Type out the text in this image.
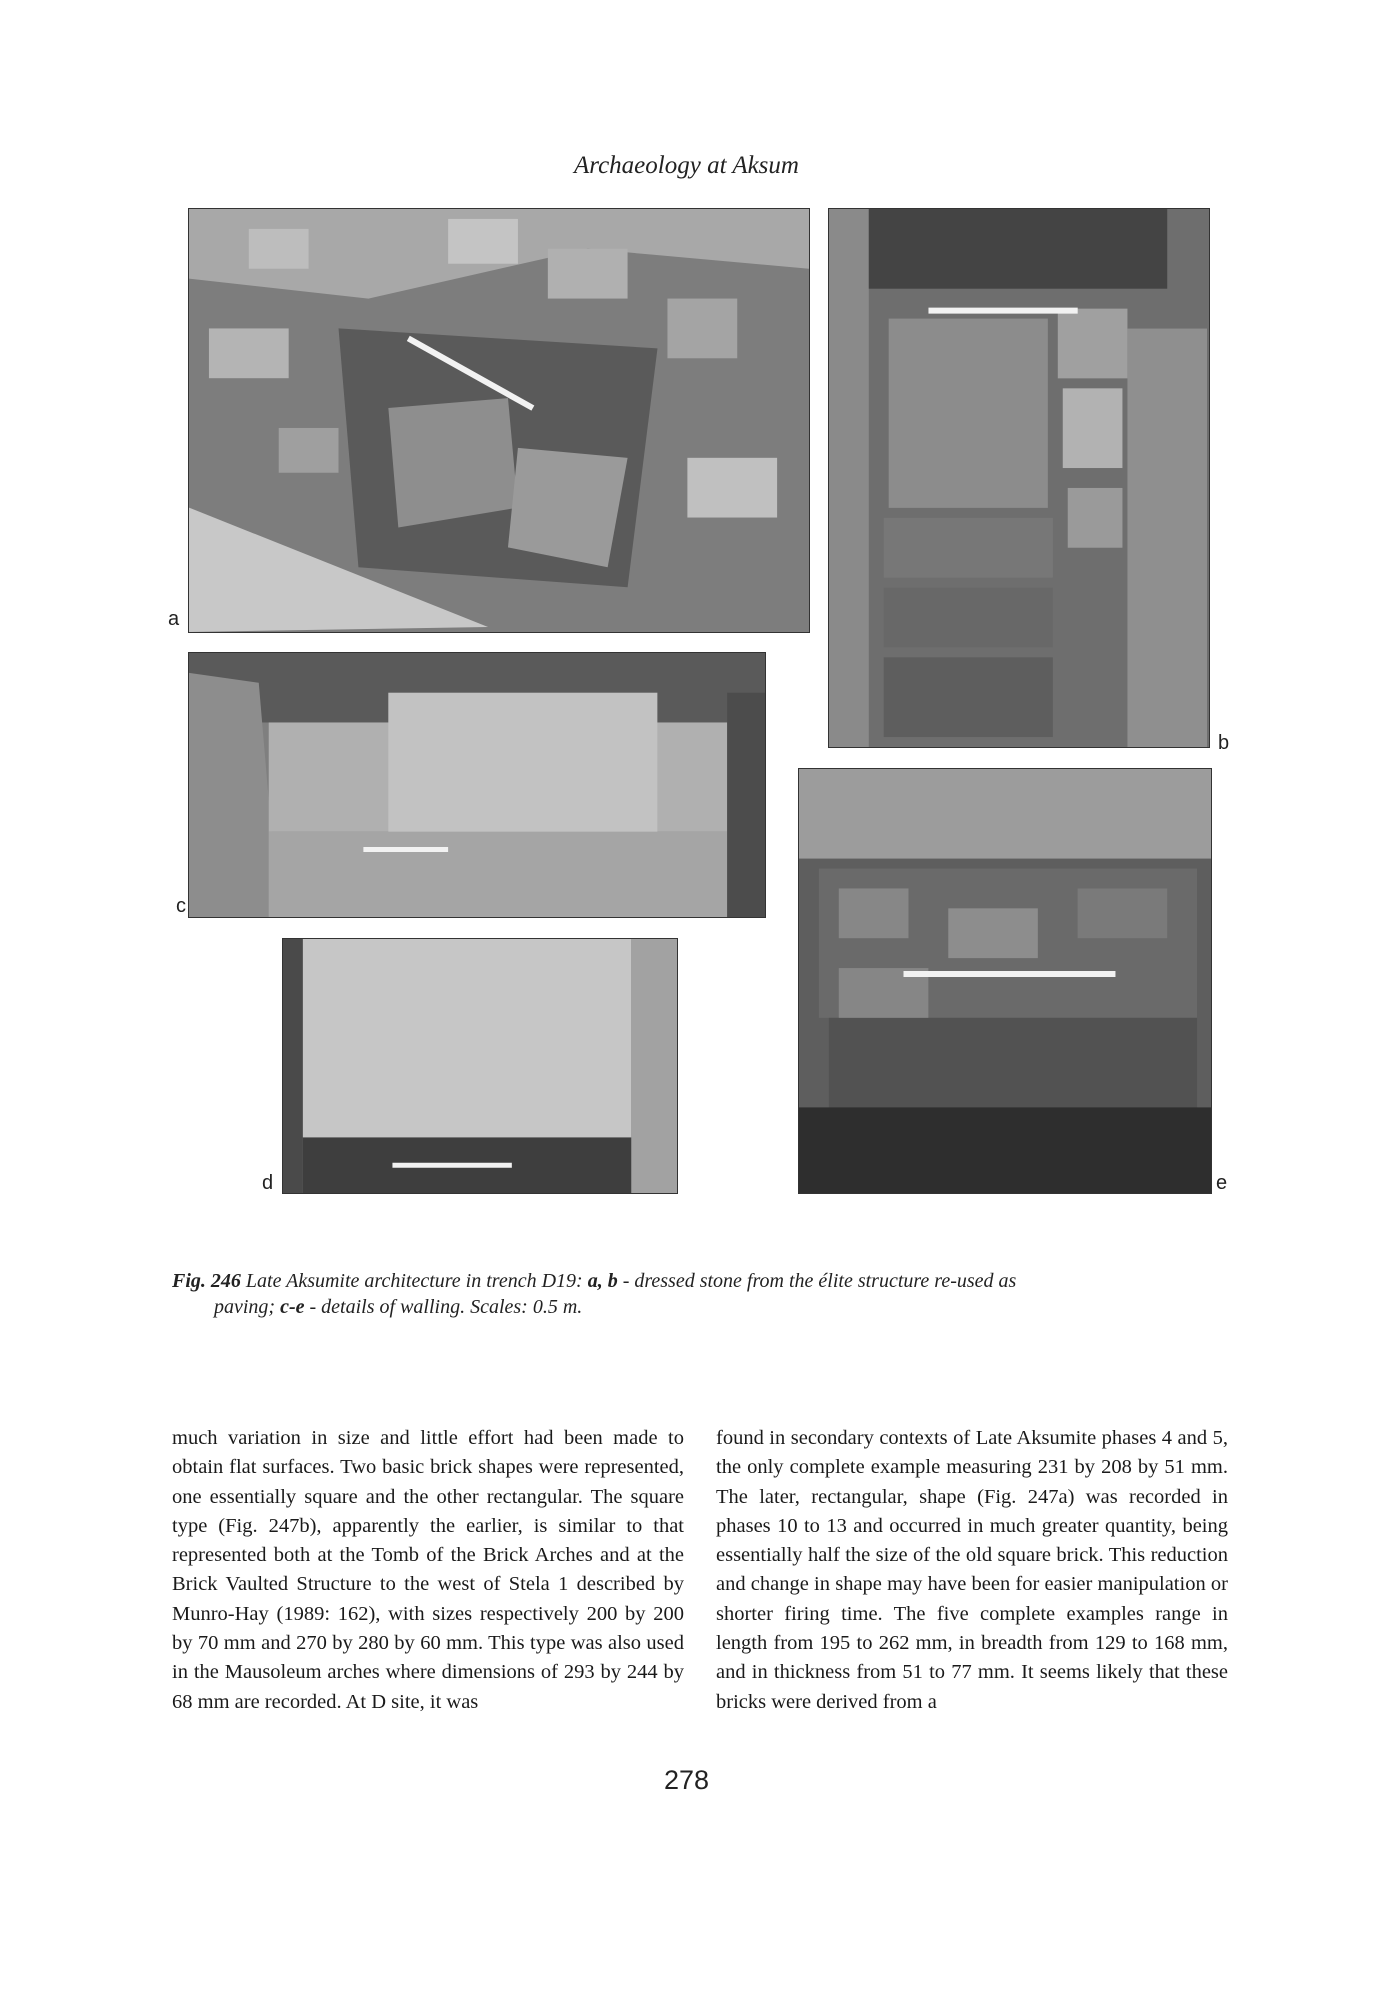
Archaeology at Aksum
a
b
c
d	e
Fig. 246 Late Aksumite architecture in trench D19: a, b - dressed stone from the élite structure re-used as
paving; c-e - details of walling. Scales: 0.5 m.

much variation in size and little effort had been made to obtain flat surfaces. Two basic brick shapes were represented, one essentially square and the other rectangular. The square type (Fig. 247b), apparently the earlier, is similar to that represented both at the Tomb of the Brick Arches and at the Brick Vaulted Structure to the west of Stela 1 described by Munro-Hay (1989: 162), with sizes respectively 200 by 200 by 70 mm and 270 by 280 by 60 mm. This type was also used in the Mausoleum arches where dimensions of 293 by 244 by 68 mm are recorded. At D site, it was

found in secondary contexts of Late Aksumite phases 4 and 5, the only complete example measuring 231 by 208 by 51 mm. The later, rectangular, shape (Fig. 247a) was recorded in phases 10 to 13 and occurred in much greater quantity, being essentially half the size of the old square brick. This reduction and change in shape may have been for easier manipulation or shorter firing time. The five complete examples range in length from 195 to 262 mm, in breadth from 129 to 168 mm, and in thickness from 51 to 77 mm. It seems likely that these bricks were derived from a

278
